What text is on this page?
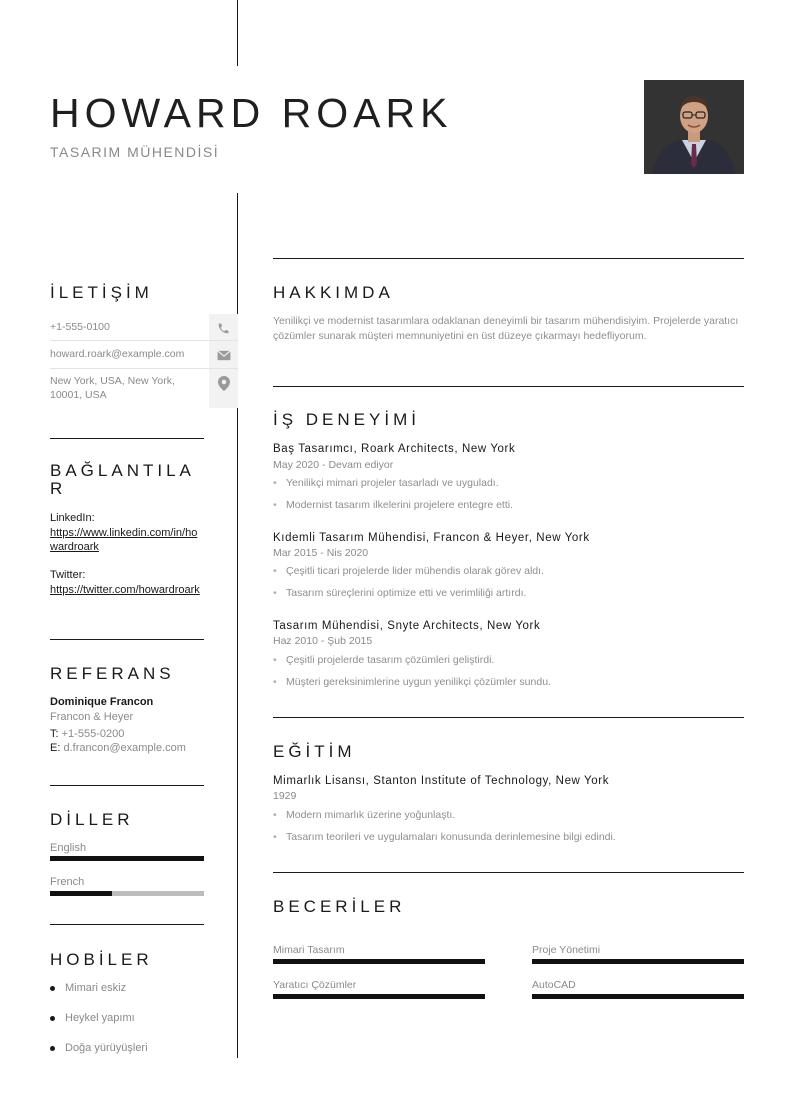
HOWARD ROARK
TASARIM MÜHENDİSİ
İLETİŞİM
+1-555-0100
howard.roark@example.com
New York, USA, New York, 10001, USA
BAĞLANTILA R
LinkedIn:
https://www.linkedin.com/in/howardroark
Twitter:
https://twitter.com/howardroark
REFERANS
Dominique Francon
Francon & Heyer
T: +1-555-0200
E: d.francon@example.com
DİLLER
English
French
HOBİLER
Mimari eskiz
Heykel yapımı
Doğa yürüyüşleri
HAKKIMDA
Yenilikçi ve modernist tasarımlara odaklanan deneyimli bir tasarım mühendisiyim. Projelerde yaratıcı çözümler sunarak müşteri memnuniyetini en üst düzeye çıkarmayı hedefliyorum.
İŞ DENEYİMİ
Baş Tasarımcı, Roark Architects, New York
May 2020 - Devam ediyor
• Yenilikçi mimari projeler tasarladı ve uyguladı.
• Modernist tasarım ilkelerini projelere entegre etti.
Kıdemli Tasarım Mühendisi, Francon & Heyer, New York
Mar 2015 - Nis 2020
• Çeşitli ticari projelerde lider mühendis olarak görev aldı.
• Tasarım süreçlerini optimize etti ve verimliliği artırdı.
Tasarım Mühendisi, Snyte Architects, New York
Haz 2010 - Şub 2015
• Çeşitli projelerde tasarım çözümleri geliştirdi.
• Müşteri gereksinimlerine uygun yenilikçi çözümler sundu.
EĞİTİM
Mimarlık Lisansı, Stanton Institute of Technology, New York
1929
• Modern mimarlık üzerine yoğunlaştı.
• Tasarım teorileri ve uygulamaları konusunda derinlemesine bilgi edindi.
BECERİLER
Mimari Tasarım	Proje Yönetimi
Yaratıcı Çözümler	AutoCAD
